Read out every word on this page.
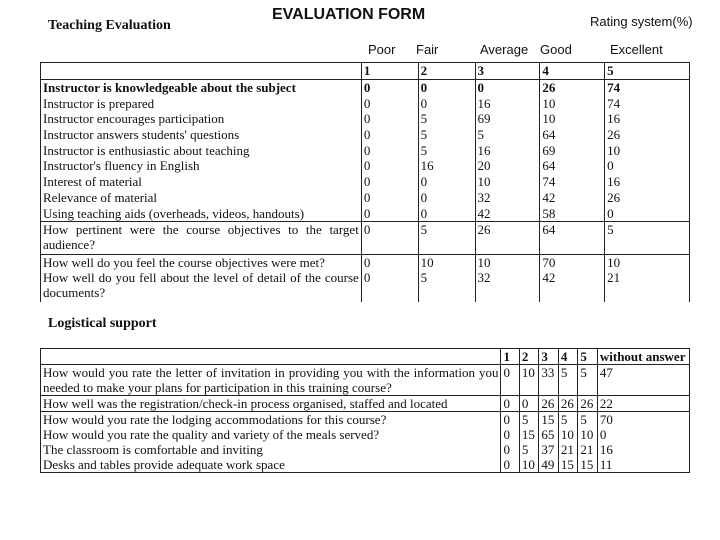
Teaching Evaluation
EVALUATION FORM	Rating system(%)
Poor Fair	Average Good	Excellent
	1	2	3	4	5
Instructor is knowledgeable about the subject	0	0	0	26	74
Instructor is prepared	0	0	16	10	74
Instructor encourages participation	0	5	69	10	16
Instructor answers students' questions	0	5	5	64	26
Instructor is enthusiastic about teaching	0	5	16	69	10
Instructor's fluency in English	0	16	20	64	0
Interest of material	0	0	10	74	16
Relevance of material	0	0	32	42	26
Using teaching aids (overheads, videos, handouts)	0	0	42	58	0
How pertinent were the course objectives to the target audience?	0	5	26	64	5
How well do you feel the course objectives were met?	0	10	10	70	10
How well do you fell about the level of detail of the course documents?	0	5	32	42	21
Logistical support
	1	2	3	4	5	without answer
How would you rate the letter of invitation in providing you with the information you needed to make your plans for participation in this training course?	0	10	33	5	5	47
How well was the registration/check-in process organised, staffed and located	0	0	26	26	26	22
How would you rate the lodging accommodations for this course?	0	5	15	5	5	70
How would you rate the quality and variety of the meals served?	0	15	65	10	10	0
The classroom is comfortable and inviting	0	5	37	21	21	16
Desks and tables provide adequate work space	0	10	49	15	15	11
